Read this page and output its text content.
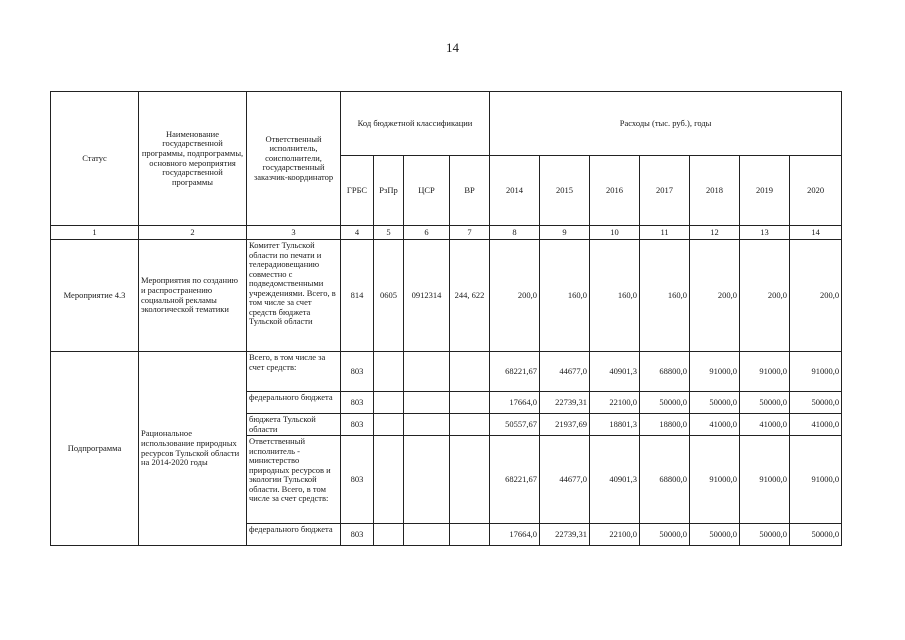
14
Статус	Наименование государственной программы, подпрограммы, основного мероприятия государственной программы	Ответственный исполнитель, соисполнители, государственный заказчик-координатор	Код бюджетной классификации				Расходы (тыс. руб.), годы						
			ГРБС	РзПр	ЦСР	ВР	2014	2015	2016	2017	2018	2019	2020
1	2	3	4	5	6	7	8	9	10	11	12	13	14
Мероприятие 4.3	Мероприятия по созданию и распространению социальной рекламы экологической тематики	Комитет Тульской области по печати и телерадиовещанию совместно с подведомственными учреждениями. Всего, в том числе за счет средств бюджета Тульской области	814	0605	0912314	244, 622	200,0	160,0	160,0	160,0	200,0	200,0	200,0
Подпрограмма	Рациональное использование природных ресурсов Тульской области на 2014-2020 годы	Всего, в том числе за счет средств:	803				68221,67	44677,0	40901,3	68800,0	91000,0	91000,0	91000,0
		федерального бюджета	803				17664,0	22739,31	22100,0	50000,0	50000,0	50000,0	50000,0
		бюджета Тульской области	803				50557,67	21937,69	18801,3	18800,0	41000,0	41000,0	41000,0
		Ответственный исполнитель - министерство природных ресурсов и экологии Тульской области. Всего, в том числе за счет средств:	803				68221,67	44677,0	40901,3	68800,0	91000,0	91000,0	91000,0
		федерального бюджета	803				17664,0	22739,31	22100,0	50000,0	50000,0	50000,0	50000,0
